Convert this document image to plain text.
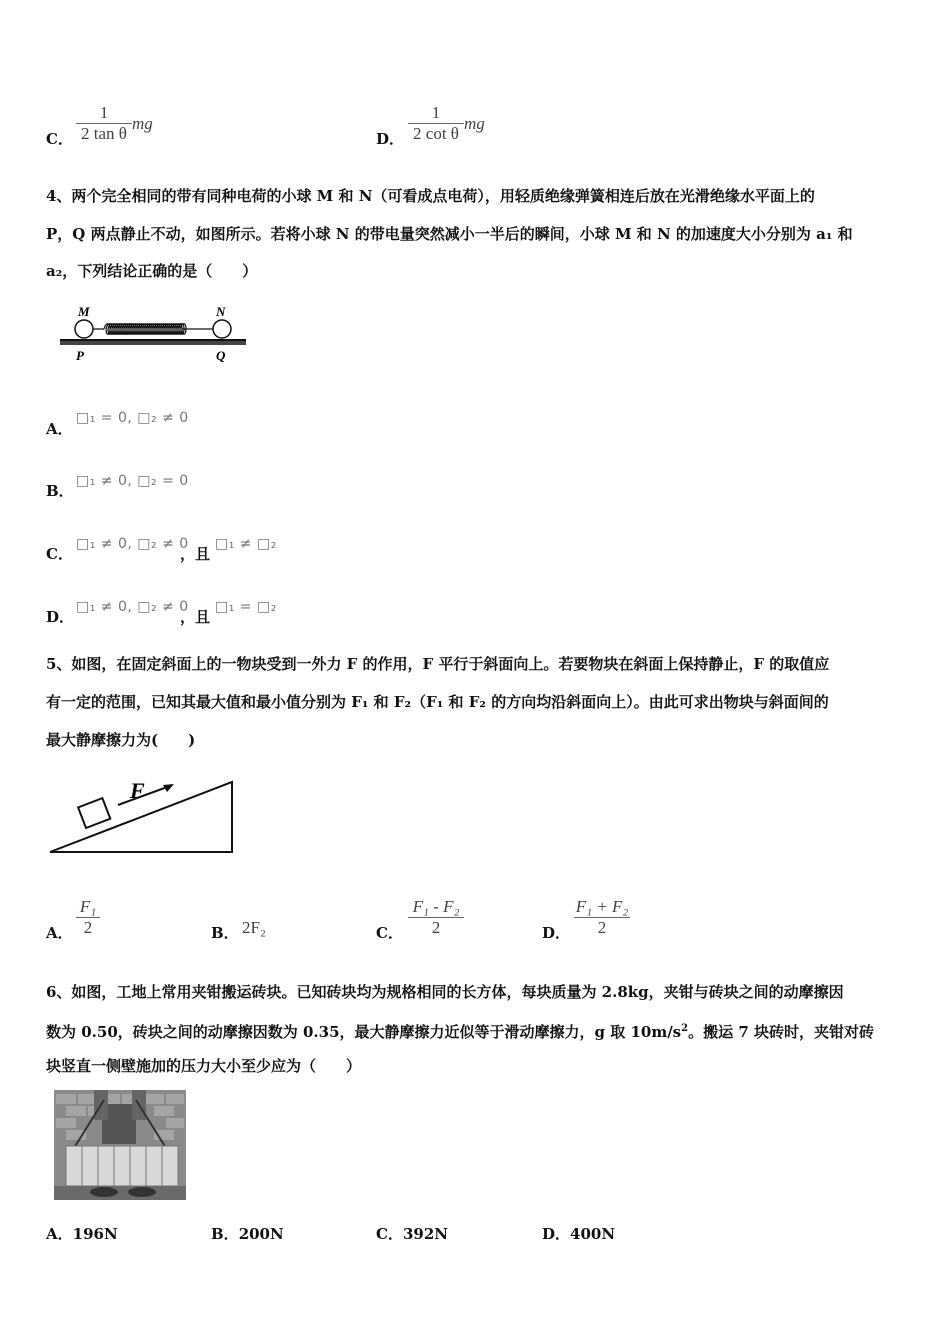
C．
1
2 tan θ
mg
D．
1
2 cot θ
mg
4、两个完全相同的带有同种电荷的小球 M 和 N（可看成点电荷），用轻质绝缘弹簧相连后放在光滑绝缘水平面上的
P，Q 两点静止不动，如图所示。若将小球 N 的带电量突然减小一半后的瞬间，小球 M 和 N 的加速度大小分别为 a₁ 和
a₂，下列结论正确的是（　　）
M	N
P	Q
A．
□₁ = 0, □₂ ≠ 0
B．
□₁ ≠ 0, □₂ = 0
C．
□₁ ≠ 0, □₂ ≠ 0
，且
□₁ ≠ □₂
D．
□₁ ≠ 0, □₂ ≠ 0
，且
□₁ = □₂
5、如图，在固定斜面上的一物块受到一外力 F 的作用，F 平行于斜面向上。若要物块在斜面上保持静止，F 的取值应
有一定的范围，已知其最大值和最小值分别为 F₁ 和 F₂（F₁ 和 F₂ 的方向均沿斜面向上）。由此可求出物块与斜面间的
最大静摩擦力为(　　)
F
A．
F₁
2	B． 2F₂	C．
F₁ - F₂
2	D．
F₁ + F₂
2
6、如图，工地上常用夹钳搬运砖块。已知砖块均为规格相同的长方体，每块质量为 2.8kg，夹钳与砖块之间的动摩擦因
数为 0.50，砖块之间的动摩擦因数为 0.35，最大静摩擦力近似等于滑动摩擦力，g 取 $10m/s^2$。搬运 7 块砖时，夹钳对砖
块竖直一侧壁施加的压力大小至少应为（　　）
A．196N	B．200N	C．392N	D．400N
